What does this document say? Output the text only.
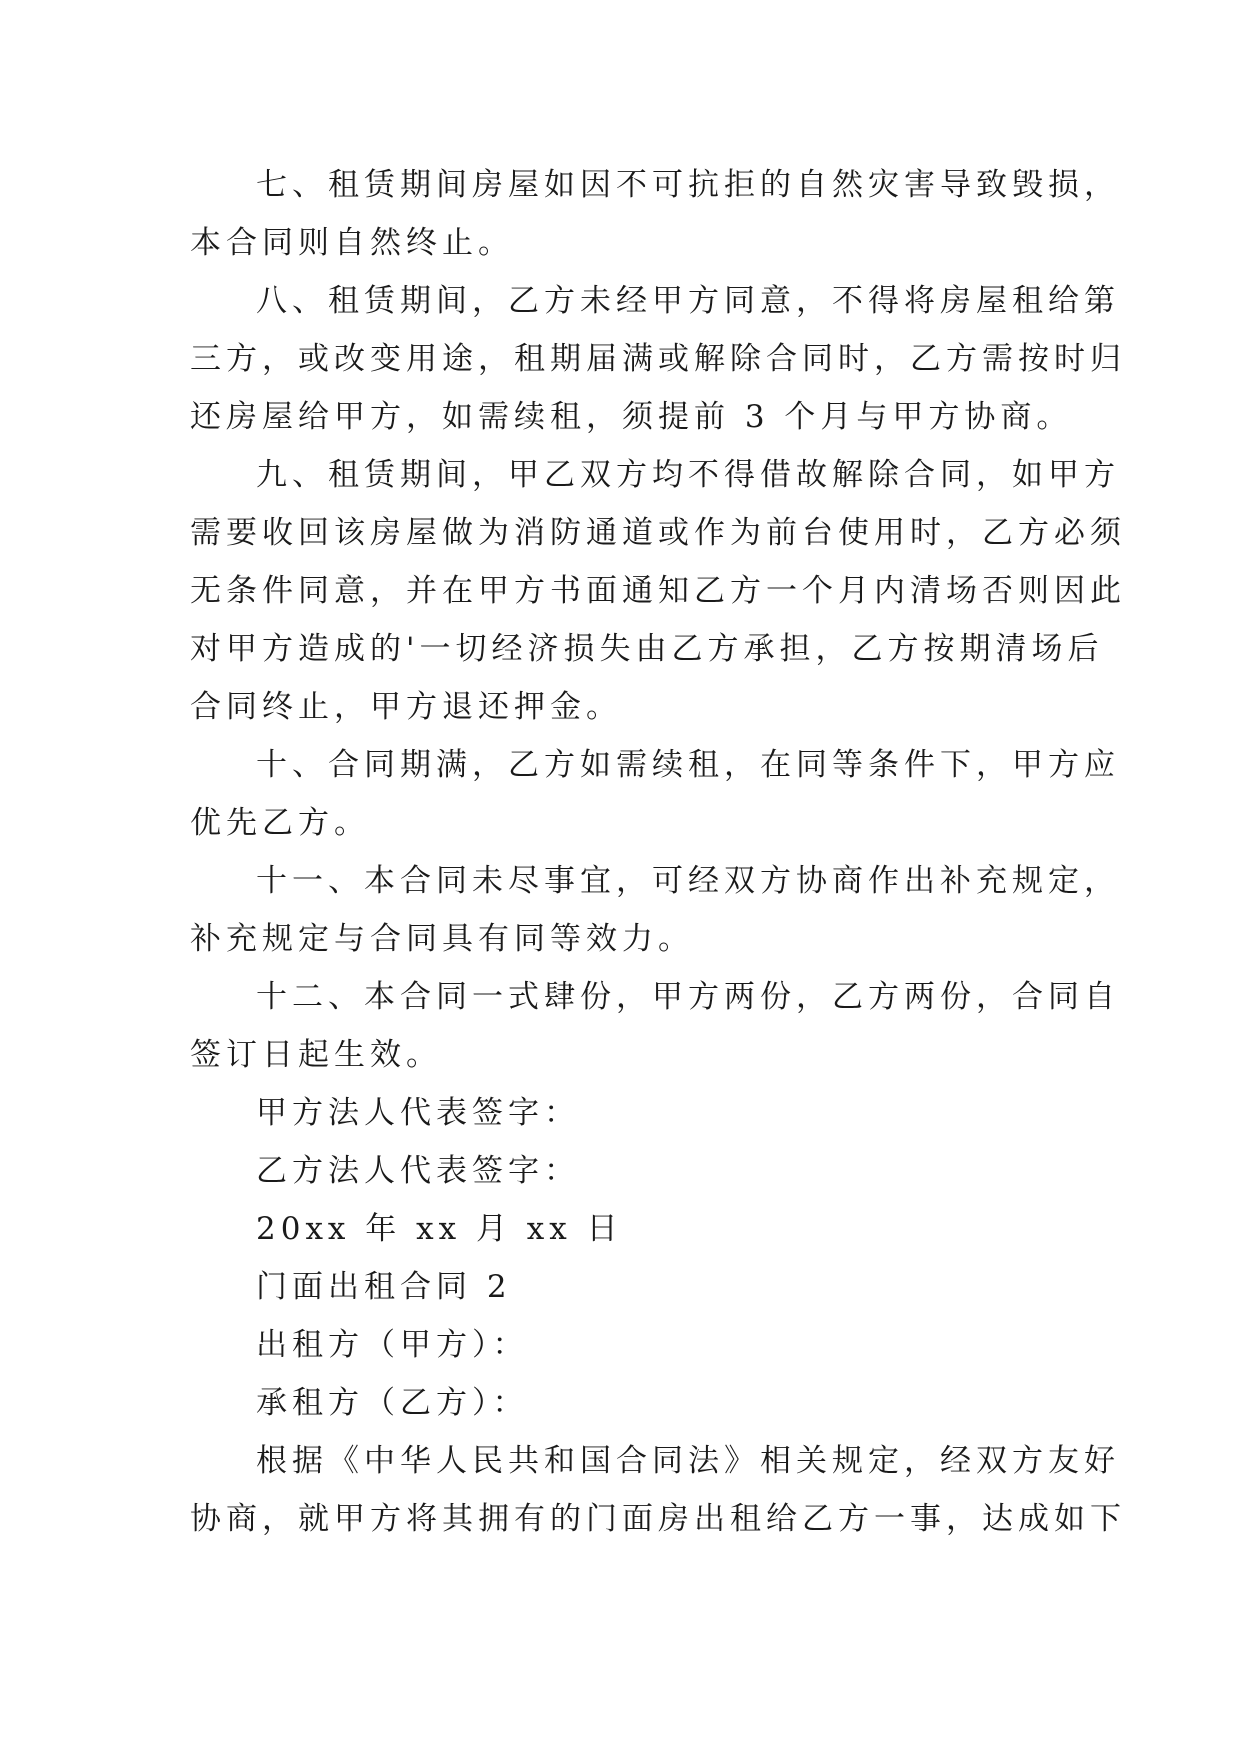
七、租赁期间房屋如因不可抗拒的自然灾害导致毁损，
本合同则自然终止。
八、租赁期间，乙方未经甲方同意，不得将房屋租给第
三方，或改变用途，租期届满或解除合同时，乙方需按时归
还房屋给甲方，如需续租，须提前 3 个月与甲方协商。
九、租赁期间，甲乙双方均不得借故解除合同，如甲方
需要收回该房屋做为消防通道或作为前台使用时，乙方必须
无条件同意，并在甲方书面通知乙方一个月内清场否则因此
对甲方造成的'一切经济损失由乙方承担，乙方按期清场后
合同终止，甲方退还押金。
十、合同期满，乙方如需续租，在同等条件下，甲方应
优先乙方。
十一、本合同未尽事宜，可经双方协商作出补充规定，
补充规定与合同具有同等效力。
十二、本合同一式肆份，甲方两份，乙方两份，合同自
签订日起生效。
甲方法人代表签字：
乙方法人代表签字：
20xx 年 xx 月 xx 日
门面出租合同 2
出租方（甲方）：
承租方（乙方）：
根据《中华人民共和国合同法》相关规定，经双方友好
协商，就甲方将其拥有的门面房出租给乙方一事，达成如下
